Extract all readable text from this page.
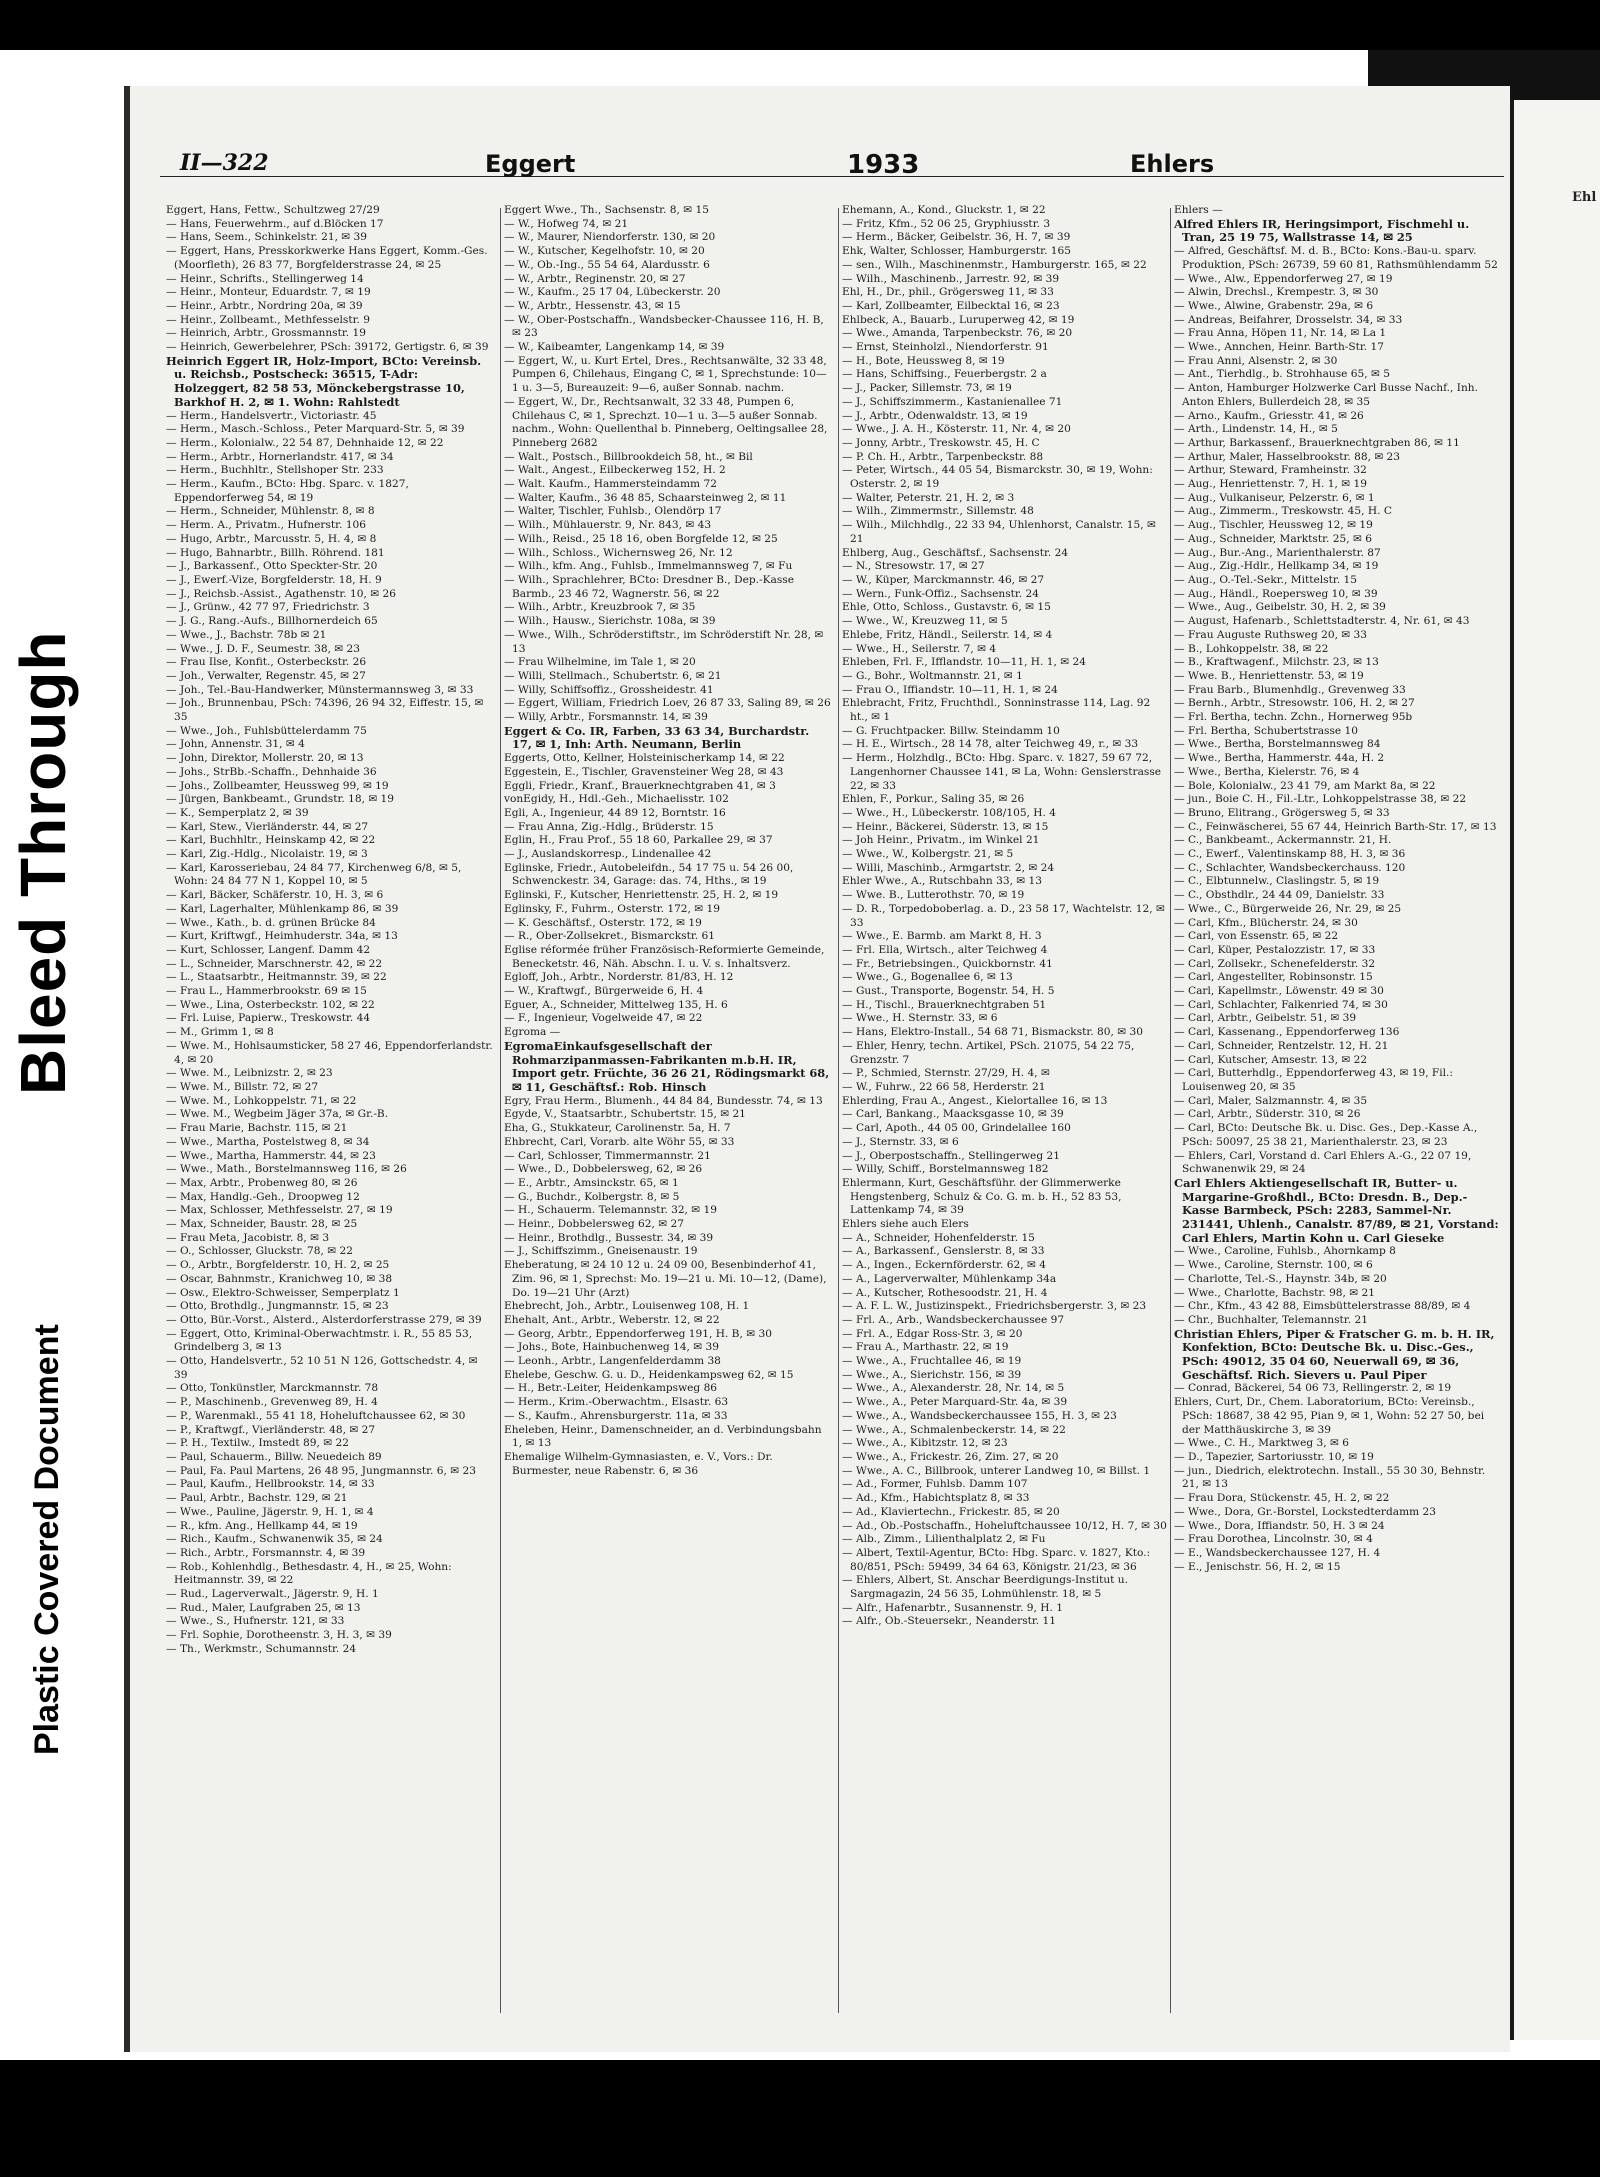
Bleed Through
Plastic Covered Document
Ehl
II—322	Eggert	1933	Ehlers

Eggert, Hans, Fettw., Schultzweg 27/29

— Hans, Feuerwehrm., auf d.Blöcken 17

— Hans, Seem., Schinkelstr. 21, ✉ 39

— Eggert, Hans, Presskorkwerke Hans Eggert, Komm.-Ges. (Moorfleth), 26 83 77, Borgfelderstrasse 24, ✉ 25

— Heinr., Schrifts., Stellingerweg 14

— Heinr., Monteur, Eduardstr. 7, ✉ 19

— Heinr., Arbtr., Nordring 20a, ✉ 39

— Heinr., Zollbeamt., Methfesselstr. 9

— Heinrich, Arbtr., Grossmannstr. 19

— Heinrich, Gewerbelehrer, PSch: 39172, Gertigstr. 6, ✉ 39

Heinrich Eggert IR, Holz-Import, BCto: Vereinsb. u. Reichsb., Postscheck: 36515, T-Adr: Holzeggert, 82 58 53, Mönckebergstrasse 10, Barkhof H. 2, ✉ 1. Wohn: Rahlstedt

— Herm., Handelsvertr., Victoriastr. 45

— Herm., Masch.-Schloss., Peter Marquard-Str. 5, ✉ 39

— Herm., Kolonialw., 22 54 87, Dehnhaide 12, ✉ 22

— Herm., Arbtr., Hornerlandstr. 417, ✉ 34

— Herm., Buchhltr., Stellshoper Str. 233

— Herm., Kaufm., BCto: Hbg. Sparc. v. 1827, Eppendorferweg 54, ✉ 19

— Herm., Schneider, Mühlenstr. 8, ✉ 8

— Herm. A., Privatm., Hufnerstr. 106

— Hugo, Arbtr., Marcusstr. 5, H. 4, ✉ 8

— Hugo, Bahnarbtr., Billh. Röhrend. 181

— J., Barkassenf., Otto Speckter-Str. 20

— J., Ewerf.-Vize, Borgfelderstr. 18, H. 9

— J., Reichsb.-Assist., Agathenstr. 10, ✉ 26

— J., Grünw., 42 77 97, Friedrichstr. 3

— J. G., Rang.-Aufs., Billhornerdeich 65

— Wwe., J., Bachstr. 78b ✉ 21

— Wwe., J. D. F., Seumestr. 38, ✉ 23

— Frau Ilse, Konfit., Osterbeckstr. 26

— Joh., Verwalter, Regenstr. 45, ✉ 27

— Joh., Tel.-Bau-Handwerker, Münstermannsweg 3, ✉ 33

— Joh., Brunnenbau, PSch: 74396, 26 94 32, Eiffestr. 15, ✉ 35

— Wwe., Joh., Fuhlsbüttelerdamm 75

— John, Annenstr. 31, ✉ 4

— John, Direktor, Mollerstr. 20, ✉ 13

— Johs., StrBb.-Schaffn., Dehnhaide 36

— Johs., Zollbeamter, Heussweg 99, ✉ 19

— Jürgen, Bankbeamt., Grundstr. 18, ✉ 19

— K., Semperplatz 2, ✉ 39

— Karl, Stew., Vierländerstr. 44, ✉ 27

— Karl, Buchhltr., Heinskamp 42, ✉ 22

— Karl, Zig.-Hdlg., Nicolaistr. 19, ✉ 3

— Karl, Karosseriebau, 24 84 77, Kirchenweg 6/8, ✉ 5, Wohn: 24 84 77 N 1, Koppel 10, ✉ 5

— Karl, Bäcker, Schäferstr. 10, H. 3, ✉ 6

— Karl, Lagerhalter, Mühlenkamp 86, ✉ 39

— Wwe., Kath., b. d. grünen Brücke 84

— Kurt, Kriftwgf., Heimhuderstr. 34a, ✉ 13

— Kurt, Schlosser, Langenf. Damm 42

— L., Schneider, Marschnerstr. 42, ✉ 22

— L., Staatsarbtr., Heitmannstr. 39, ✉ 22

— Frau L., Hammerbrookstr. 69 ✉ 15

— Wwe., Lina, Osterbeckstr. 102, ✉ 22

— Frl. Luise, Papierw., Treskowstr. 44

— M., Grimm 1, ✉ 8

— Wwe. M., Hohlsaumsticker, 58 27 46, Eppendorferlandstr. 4, ✉ 20

— Wwe. M., Leibnizstr. 2, ✉ 23

— Wwe. M., Billstr. 72, ✉ 27

— Wwe. M., Lohkoppelstr. 71, ✉ 22

— Wwe. M., Wegbeim Jäger 37a, ✉ Gr.-B.

— Frau Marie, Bachstr. 115, ✉ 21

— Wwe., Martha, Postelstweg 8, ✉ 34

— Wwe., Martha, Hammerstr. 44, ✉ 23

— Wwe., Math., Borstelmannsweg 116, ✉ 26

— Max, Arbtr., Probenweg 80, ✉ 26

— Max, Handlg.-Geh., Droopweg 12

— Max, Schlosser, Methfesselstr. 27, ✉ 19

— Max, Schneider, Baustr. 28, ✉ 25

— Frau Meta, Jacobistr. 8, ✉ 3

— O., Schlosser, Gluckstr. 78, ✉ 22

— O., Arbtr., Borgfelderstr. 10, H. 2, ✉ 25

— Oscar, Bahnmstr., Kranichweg 10, ✉ 38

— Osw., Elektro-Schweisser, Semperplatz 1

— Otto, Brothdlg., Jungmannstr. 15, ✉ 23

— Otto, Bür.-Vorst., Alsterd., Alsterdorferstrasse 279, ✉ 39

— Eggert, Otto, Kriminal-Oberwachtmstr. i. R., 55 85 53, Grindelberg 3, ✉ 13

— Otto, Handelsvertr., 52 10 51 N 126, Gottschedstr. 4, ✉ 39

— Otto, Tonkünstler, Marckmannstr. 78

— P., Maschinenb., Grevenweg 89, H. 4

— P., Warenmakl., 55 41 18, Hoheluftchaussee 62, ✉ 30

— P., Kraftwgf., Vierländerstr. 48, ✉ 27

— P. H., Textilw., Imstedt 89, ✉ 22

— Paul, Schauerm., Billw. Neuedeich 89

— Paul, Fa. Paul Martens, 26 48 95, Jungmannstr. 6, ✉ 23

— Paul, Kaufm., Hellbrookstr. 14, ✉ 33

— Paul, Arbtr., Bachstr. 129, ✉ 21

— Wwe., Pauline, Jägerstr. 9, H. 1, ✉ 4

— R., kfm. Ang., Hellkamp 44, ✉ 19

— Rich., Kaufm., Schwanenwik 35, ✉ 24

— Rich., Arbtr., Forsmannstr. 4, ✉ 39

— Rob., Kohlenhdlg., Bethesdastr. 4, H., ✉ 25, Wohn: Heitmannstr. 39, ✉ 22

— Rud., Lagerverwalt., Jägerstr. 9, H. 1

— Rud., Maler, Laufgraben 25, ✉ 13

— Wwe., S., Hufnerstr. 121, ✉ 33

— Frl. Sophie, Dorotheenstr. 3, H. 3, ✉ 39

— Th., Werkmstr., Schumannstr. 24

Eggert Wwe., Th., Sachsenstr. 8, ✉ 15

— W., Hofweg 74, ✉ 21

— W., Maurer, Niendorferstr. 130, ✉ 20

— W., Kutscher, Kegelhofstr. 10, ✉ 20

— W., Ob.-Ing., 55 54 64, Alardusstr. 6

— W., Arbtr., Reginenstr. 20, ✉ 27

— W., Kaufm., 25 17 04, Lübeckerstr. 20

— W., Arbtr., Hessenstr. 43, ✉ 15

— W., Ober-Postschaffn., Wandsbecker-Chaussee 116, H. B, ✉ 23

— W., Kaibeamter, Langenkamp 14, ✉ 39

— Eggert, W., u. Kurt Ertel, Dres., Rechtsanwälte, 32 33 48, Pumpen 6, Chilehaus, Eingang C, ✉ 1, Sprechstunde: 10—1 u. 3—5, Bureauzeit: 9—6, außer Sonnab. nachm.

— Eggert, W., Dr., Rechtsanwalt, 32 33 48, Pumpen 6, Chilehaus C, ✉ 1, Sprechzt. 10—1 u. 3—5 außer Sonnab. nachm., Wohn: Quellenthal b. Pinneberg, Oeltingsallee 28, Pinneberg 2682

— Walt., Postsch., Billbrookdeich 58, ht., ✉ Bil

— Walt., Angest., Eilbeckerweg 152, H. 2

— Walt. Kaufm., Hammersteindamm 72

— Walter, Kaufm., 36 48 85, Schaarsteinweg 2, ✉ 11

— Walter, Tischler, Fuhlsb., Olendörp 17

— Wilh., Mühlauerstr. 9, Nr. 843, ✉ 43

— Wilh., Reisd., 25 18 16, oben Borgfelde 12, ✉ 25

— Wilh., Schloss., Wichernsweg 26, Nr. 12

— Wilh., kfm. Ang., Fuhlsb., Immelmannsweg 7, ✉ Fu

— Wilh., Sprachlehrer, BCto: Dresdner B., Dep.-Kasse Barmb., 23 46 72, Wagnerstr. 56, ✉ 22

— Wilh., Arbtr., Kreuzbrook 7, ✉ 35

— Wilh., Hausw., Sierichstr. 108a, ✉ 39

— Wwe., Wilh., Schröderstiftstr., im Schröderstift Nr. 28, ✉ 13

— Frau Wilhelmine, im Tale 1, ✉ 20

— Willi, Stellmach., Schubertstr. 6, ✉ 21

— Willy, Schiffsoffiz., Grossheidestr. 41

— Eggert, William, Friedrich Loev, 26 87 33, Saling 89, ✉ 26

— Willy, Arbtr., Forsmannstr. 14, ✉ 39

Eggert & Co. IR, Farben, 33 63 34, Burchardstr. 17, ✉ 1, Inh: Arth. Neumann, Berlin

Eggerts, Otto, Kellner, Holsteinischerkamp 14, ✉ 22

Eggestein, E., Tischler, Gravensteiner Weg 28, ✉ 43

Eggli, Friedr., Kranf., Brauerknechtgraben 41, ✉ 3

vonEgidy, H., Hdl.-Geh., Michaelisstr. 102

Egli, A., Ingenieur, 44 89 12, Borntstr. 16

— Frau Anna, Zig.-Hdlg., Brüderstr. 15

Eglin, H., Frau Prof., 55 18 60, Parkallee 29, ✉ 37

— J., Auslandskorresp., Lindenallee 42

Eglinske, Friedr., Autobeleifdn., 54 17 75 u. 54 26 00, Schwenckestr. 34, Garage: das. 74, Hths., ✉ 19

Eglinski, F., Kutscher, Henriettenstr. 25, H. 2, ✉ 19

Eglinsky, F., Fuhrm., Osterstr. 172, ✉ 19

— K. Geschäftsf., Osterstr. 172, ✉ 19

— R., Ober-Zollsekret., Bismarckstr. 61

Eglise réformée früher Französisch-Reformierte Gemeinde, Benecketstr. 46, Näh. Abschn. I. u. V. s. Inhaltsverz.

Egloff, Joh., Arbtr., Norderstr. 81/83, H. 12

— W., Kraftwgf., Bürgerweide 6, H. 4

Eguer, A., Schneider, Mittelweg 135, H. 6

— F., Ingenieur, Vogelweide 47, ✉ 22

Egroma —

EgromaEinkaufsgesellschaft der Rohmarzipanmassen-Fabrikanten m.b.H. IR, Import getr. Früchte, 36 26 21, Rödingsmarkt 68, ✉ 11, Geschäftsf.: Rob. Hinsch

Egry, Frau Herm., Blumenh., 44 84 84, Bundesstr. 74, ✉ 13

Egyde, V., Staatsarbtr., Schubertstr. 15, ✉ 21

Eha, G., Stukkateur, Carolinenstr. 5a, H. 7

Ehbrecht, Carl, Vorarb. alte Wöhr 55, ✉ 33

— Carl, Schlosser, Timmermannstr. 21

— Wwe., D., Dobbelersweg, 62, ✉ 26

— E., Arbtr., Amsinckstr. 65, ✉ 1

— G., Buchdr., Kolbergstr. 8, ✉ 5

— H., Schauerm. Telemannstr. 32, ✉ 19

— Heinr., Dobbelersweg 62, ✉ 27

— Heinr., Brothdlg., Bussestr. 34, ✉ 39

— J., Schiffszimm., Gneisenaustr. 19

Eheberatung, ✉ 24 10 12 u. 24 09 00, Besenbinderhof 41, Zim. 96, ✉ 1, Sprechst: Mo. 19—21 u. Mi. 10—12, (Dame), Do. 19—21 Uhr (Arzt)

Ehebrecht, Joh., Arbtr., Louisenweg 108, H. 1

Ehehalt, Ant., Arbtr., Weberstr. 12, ✉ 22

— Georg, Arbtr., Eppendorferweg 191, H. B, ✉ 30

— Johs., Bote, Hainbuchenweg 14, ✉ 39

— Leonh., Arbtr., Langenfelderdamm 38

Ehelebe, Geschw. G. u. D., Heidenkampsweg 62, ✉ 15

— H., Betr.-Leiter, Heidenkampsweg 86

— Herm., Krim.-Oberwachtm., Elsastr. 63

— S., Kaufm., Ahrensburgerstr. 11a, ✉ 33

Eheleben, Heinr., Damenschneider, an d. Verbindungsbahn 1, ✉ 13

Ehemalige Wilhelm-Gymnasiasten, e. V., Vors.: Dr. Burmester, neue Rabenstr. 6, ✉ 36

Ehemann, A., Kond., Gluckstr. 1, ✉ 22

— Fritz, Kfm., 52 06 25, Gryphiusstr. 3

— Herm., Bäcker, Geibelstr. 36, H. 7, ✉ 39

Ehk, Walter, Schlosser, Hamburgerstr. 165

— sen., Wilh., Maschinenmstr., Hamburgerstr. 165, ✉ 22

— Wilh., Maschinenb., Jarrestr. 92, ✉ 39

Ehl, H., Dr., phil., Grögersweg 11, ✉ 33

— Karl, Zollbeamter, Eilbecktal 16, ✉ 23

Ehlbeck, A., Bauarb., Luruperweg 42, ✉ 19

— Wwe., Amanda, Tarpenbeckstr. 76, ✉ 20

— Ernst, Steinholzl., Niendorferstr. 91

— H., Bote, Heussweg 8, ✉ 19

— Hans, Schiffsing., Feuerbergstr. 2 a

— J., Packer, Sillemstr. 73, ✉ 19

— J., Schiffszimmerm., Kastanienallee 71

— J., Arbtr., Odenwaldstr. 13, ✉ 19

— Wwe., J. A. H., Kösterstr. 11, Nr. 4, ✉ 20

— Jonny, Arbtr., Treskowstr. 45, H. C

— P. Ch. H., Arbtr., Tarpenbeckstr. 88

— Peter, Wirtsch., 44 05 54, Bismarckstr. 30, ✉ 19, Wohn: Osterstr. 2, ✉ 19

— Walter, Peterstr. 21, H. 2, ✉ 3

— Wilh., Zimmermstr., Sillemstr. 48

— Wilh., Milchhdlg., 22 33 94, Uhlenhorst, Canalstr. 15, ✉ 21

Ehlberg, Aug., Geschäftsf., Sachsenstr. 24

— N., Stresowstr. 17, ✉ 27

— W., Küper, Marckmannstr. 46, ✉ 27

— Wern., Funk-Offiz., Sachsenstr. 24

Ehle, Otto, Schloss., Gustavstr. 6, ✉ 15

— Wwe., W., Kreuzweg 11, ✉ 5

Ehlebe, Fritz, Händl., Seilerstr. 14, ✉ 4

— Wwe., H., Seilerstr. 7, ✉ 4

Ehleben, Frl. F., Ifflandstr. 10—11, H. 1, ✉ 24

— G., Bohr., Woltmannstr. 21, ✉ 1

— Frau O., Iffiandstr. 10—11, H. 1, ✉ 24

Ehlebracht, Fritz, Fruchthdl., Sonninstrasse 114, Lag. 92 ht., ✉ 1

— G. Fruchtpacker. Billw. Steindamm 10

— H. E., Wirtsch., 28 14 78, alter Teichweg 49, r., ✉ 33

— Herm., Holzhdlg., BCto: Hbg. Sparc. v. 1827, 59 67 72, Langenhorner Chaussee 141, ✉ La, Wohn: Genslerstrasse 22, ✉ 33

Ehlen, F., Porkur., Saling 35, ✉ 26

— Wwe., H., Lübeckerstr. 108/105, H. 4

— Heinr., Bäckerei, Süderstr. 13, ✉ 15

— Joh Heinr., Privatm., im Winkel 21

— Wwe., W., Kolbergstr. 21, ✉ 5

— Willi, Maschinb., Armgartstr. 2, ✉ 24

Ehler Wwe., A., Rutschbahn 33, ✉ 13

— Wwe. B., Lutterothstr. 70, ✉ 19

— D. R., Torpedoboberlag. a. D., 23 58 17, Wachtelstr. 12, ✉ 33

— Wwe., E. Barmb. am Markt 8, H. 3

— Frl. Ella, Wirtsch., alter Teichweg 4

— Fr., Betriebsingen., Quickbornstr. 41

— Wwe., G., Bogenallee 6, ✉ 13

— Gust., Transporte, Bogenstr. 54, H. 5

— H., Tischl., Brauerknechtgraben 51

— Wwe., H. Sternstr. 33, ✉ 6

— Hans, Elektro-Install., 54 68 71, Bismackstr. 80, ✉ 30

— Ehler, Henry, techn. Artikel, PSch. 21075, 54 22 75, Grenzstr. 7

— P., Schmied, Sternstr. 27/29, H. 4, ✉

— W., Fuhrw., 22 66 58, Herderstr. 21

Ehlerding, Frau A., Angest., Kielortallee 16, ✉ 13

— Carl, Bankang., Maacksgasse 10, ✉ 39

— Carl, Apoth., 44 05 00, Grindelallee 160

— J., Sternstr. 33, ✉ 6

— J., Oberpostschaffn., Stellingerweg 21

— Willy, Schiff., Borstelmannsweg 182

Ehlermann, Kurt, Geschäftsführ. der Glimmerwerke Hengstenberg, Schulz & Co. G. m. b. H., 52 83 53, Lattenkamp 74, ✉ 39

Ehlers siehe auch Elers

— A., Schneider, Hohenfelderstr. 15

— A., Barkassenf., Genslerstr. 8, ✉ 33

— A., Ingen., Eckernförderstr. 62, ✉ 4

— A., Lagerverwalter, Mühlenkamp 34a

— A., Kutscher, Rothesoodstr. 21, H. 4

— A. F. L. W., Justizinspekt., Friedrichsbergerstr. 3, ✉ 23

— Frl. A., Arb., Wandsbeckerchaussee 97

— Frl. A., Edgar Ross-Str. 3, ✉ 20

— Frau A., Marthastr. 22, ✉ 19

— Wwe., A., Fruchtallee 46, ✉ 19

— Wwe., A., Sierichstr. 156, ✉ 39

— Wwe., A., Alexanderstr. 28, Nr. 14, ✉ 5

— Wwe., A., Peter Marquard-Str. 4a, ✉ 39

— Wwe., A., Wandsbeckerchaussee 155, H. 3, ✉ 23

— Wwe., A., Schmalenbeckerstr. 14, ✉ 22

— Wwe., A., Kibitzstr. 12, ✉ 23

— Wwe., A., Frickestr. 26, Zim. 27, ✉ 20

— Wwe., A. C., Billbrook, unterer Landweg 10, ✉ Billst. 1

— Ad., Former, Fuhlsb. Damm 107

— Ad., Kfm., Habichtsplatz 8, ✉ 33

— Ad., Klaviertechn., Frickestr. 85, ✉ 20

— Ad., Ob.-Postschaffn., Hoheluftchaussee 10/12, H. 7, ✉ 30

— Alb., Zimm., Lilienthalplatz 2, ✉ Fu

— Albert, Textil-Agentur, BCto: Hbg. Sparc. v. 1827, Kto.: 80/851, PSch: 59499, 34 64 63, Königstr. 21/23, ✉ 36

— Ehlers, Albert, St. Anschar Beerdigungs-Institut u. Sargmagazin, 24 56 35, Lohmühlenstr. 18, ✉ 5

— Alfr., Hafenarbtr., Susannenstr. 9, H. 1

— Alfr., Ob.-Steuersekr., Neanderstr. 11

Ehlers —

Alfred Ehlers IR, Heringsimport, Fischmehl u. Tran, 25 19 75, Wallstrasse 14, ✉ 25

— Alfred, Geschäftsf. M. d. B., BCto: Kons.-Bau-u. sparv. Produktion, PSch: 26739, 59 60 81, Rathsmühlendamm 52

— Wwe., Alw., Eppendorferweg 27, ✉ 19

— Alwin, Drechsl., Krempestr. 3, ✉ 30

— Wwe., Alwine, Grabenstr. 29a, ✉ 6

— Andreas, Beifahrer, Drosselstr. 34, ✉ 33

— Frau Anna, Höpen 11, Nr. 14, ✉ La 1

— Wwe., Annchen, Heinr. Barth-Str. 17

— Frau Anni, Alsenstr. 2, ✉ 30

— Ant., Tierhdlg., b. Strohhause 65, ✉ 5

— Anton, Hamburger Holzwerke Carl Busse Nachf., Inh. Anton Ehlers, Bullerdeich 28, ✉ 35

— Arno., Kaufm., Griesstr. 41, ✉ 26

— Arth., Lindenstr. 14, H., ✉ 5

— Arthur, Barkassenf., Brauerknechtgraben 86, ✉ 11

— Arthur, Maler, Hasselbrookstr. 88, ✉ 23

— Arthur, Steward, Framheinstr. 32

— Aug., Henriettenstr. 7, H. 1, ✉ 19

— Aug., Vulkaniseur, Pelzerstr. 6, ✉ 1

— Aug., Zimmerm., Treskowstr. 45, H. C

— Aug., Tischler, Heussweg 12, ✉ 19

— Aug., Schneider, Marktstr. 25, ✉ 6

— Aug., Bur.-Ang., Marienthalerstr. 87

— Aug., Zig.-Hdlr., Hellkamp 34, ✉ 19

— Aug., O.-Tel.-Sekr., Mittelstr. 15

— Aug., Händl., Roepersweg 10, ✉ 39

— Wwe., Aug., Geibelstr. 30, H. 2, ✉ 39

— August, Hafenarb., Schlettstadterstr. 4, Nr. 61, ✉ 43

— Frau Auguste Ruthsweg 20, ✉ 33

— B., Lohkoppelstr. 38, ✉ 22

— B., Kraftwagenf., Milchstr. 23, ✉ 13

— Wwe. B., Henriettenstr. 53, ✉ 19

— Frau Barb., Blumenhdlg., Grevenweg 33

— Bernh., Arbtr., Stresowstr. 106, H. 2, ✉ 27

— Frl. Bertha, techn. Zchn., Hornerweg 95b

— Frl. Bertha, Schubertstrasse 10

— Wwe., Bertha, Borstelmannsweg 84

— Wwe., Bertha, Hammerstr. 44a, H. 2

— Wwe., Bertha, Kielerstr. 76, ✉ 4

— Bole, Kolonialw., 23 41 79, am Markt 8a, ✉ 22

— jun., Boie C. H., Fil.-Ltr., Lohkoppelstrasse 38, ✉ 22

— Bruno, Elitrang., Grögersweg 5, ✉ 33

— C., Feinwäscherei, 55 67 44, Heinrich Barth-Str. 17, ✉ 13

— C., Bankbeamt., Ackermannstr. 21, H.

— C., Ewerf., Valentinskamp 88, H. 3, ✉ 36

— C., Schlachter, Wandsbeckerchauss. 120

— C., Elbtunnelw., Claslingstr. 5, ✉ 19

— C., Obsthdlr., 24 44 09, Danielstr. 33

— Wwe., C., Bürgerweide 26, Nr. 29, ✉ 25

— Carl, Kfm., Blücherstr. 24, ✉ 30

— Carl, von Essenstr. 65, ✉ 22

— Carl, Küper, Pestalozzistr. 17, ✉ 33

— Carl, Zollsekr., Schenefelderstr. 32

— Carl, Angestellter, Robinsonstr. 15

— Carl, Kapellmstr., Löwenstr. 49 ✉ 30

— Carl, Schlachter, Falkenried 74, ✉ 30

— Carl, Arbtr., Geibelstr. 51, ✉ 39

— Carl, Kassenang., Eppendorferweg 136

— Carl, Schneider, Rentzelstr. 12, H. 21

— Carl, Kutscher, Amsestr. 13, ✉ 22

— Carl, Butterhdlg., Eppendorferweg 43, ✉ 19, Fil.: Louisenweg 20, ✉ 35

— Carl, Maler, Salzmannstr. 4, ✉ 35

— Carl, Arbtr., Süderstr. 310, ✉ 26

— Carl, BCto: Deutsche Bk. u. Disc. Ges., Dep.-Kasse A., PSch: 50097, 25 38 21, Marienthalerstr. 23, ✉ 23

— Ehlers, Carl, Vorstand d. Carl Ehlers A.-G., 22 07 19, Schwanenwik 29, ✉ 24

Carl Ehlers Aktiengesellschaft IR, Butter- u. Margarine-Großhdl., BCto: Dresdn. B., Dep.-Kasse Barmbeck, PSch: 2283, Sammel-Nr. 231441, Uhlenh., Canalstr. 87/89, ✉ 21, Vorstand: Carl Ehlers, Martin Kohn u. Carl Gieseke

— Wwe., Caroline, Fuhlsb., Ahornkamp 8

— Wwe., Caroline, Sternstr. 100, ✉ 6

— Charlotte, Tel.-S., Haynstr. 34b, ✉ 20

— Wwe., Charlotte, Bachstr. 98, ✉ 21

— Chr., Kfm., 43 42 88, Eimsbüttelerstrasse 88/89, ✉ 4

— Chr., Buchhalter, Telemannstr. 21

Christian Ehlers, Piper & Fratscher G. m. b. H. IR, Konfektion, BCto: Deutsche Bk. u. Disc.-Ges., PSch: 49012, 35 04 60, Neuerwall 69, ✉ 36, Geschäftsf. Rich. Sievers u. Paul Piper

— Conrad, Bäckerei, 54 06 73, Rellingerstr. 2, ✉ 19

Ehlers, Curt, Dr., Chem. Laboratorium, BCto: Vereinsb., PSch: 18687, 38 42 95, Pian 9, ✉ 1, Wohn: 52 27 50, bei der Matthäuskirche 3, ✉ 39

— Wwe., C. H., Marktweg 3, ✉ 6

— D., Tapezier, Sartoriusstr. 10, ✉ 19

— jun., Diedrich, elektrotechn. Install., 55 30 30, Behnstr. 21, ✉ 13

— Frau Dora, Stückenstr. 45, H. 2, ✉ 22

— Wwe., Dora, Gr.-Borstel, Lockstedterdamm 23

— Wwe., Dora, Iffiandstr. 50, H. 3 ✉ 24

— Frau Dorothea, Lincolnstr. 30, ✉ 4

— E., Wandsbeckerchaussee 127, H. 4

— E., Jenischstr. 56, H. 2, ✉ 15
